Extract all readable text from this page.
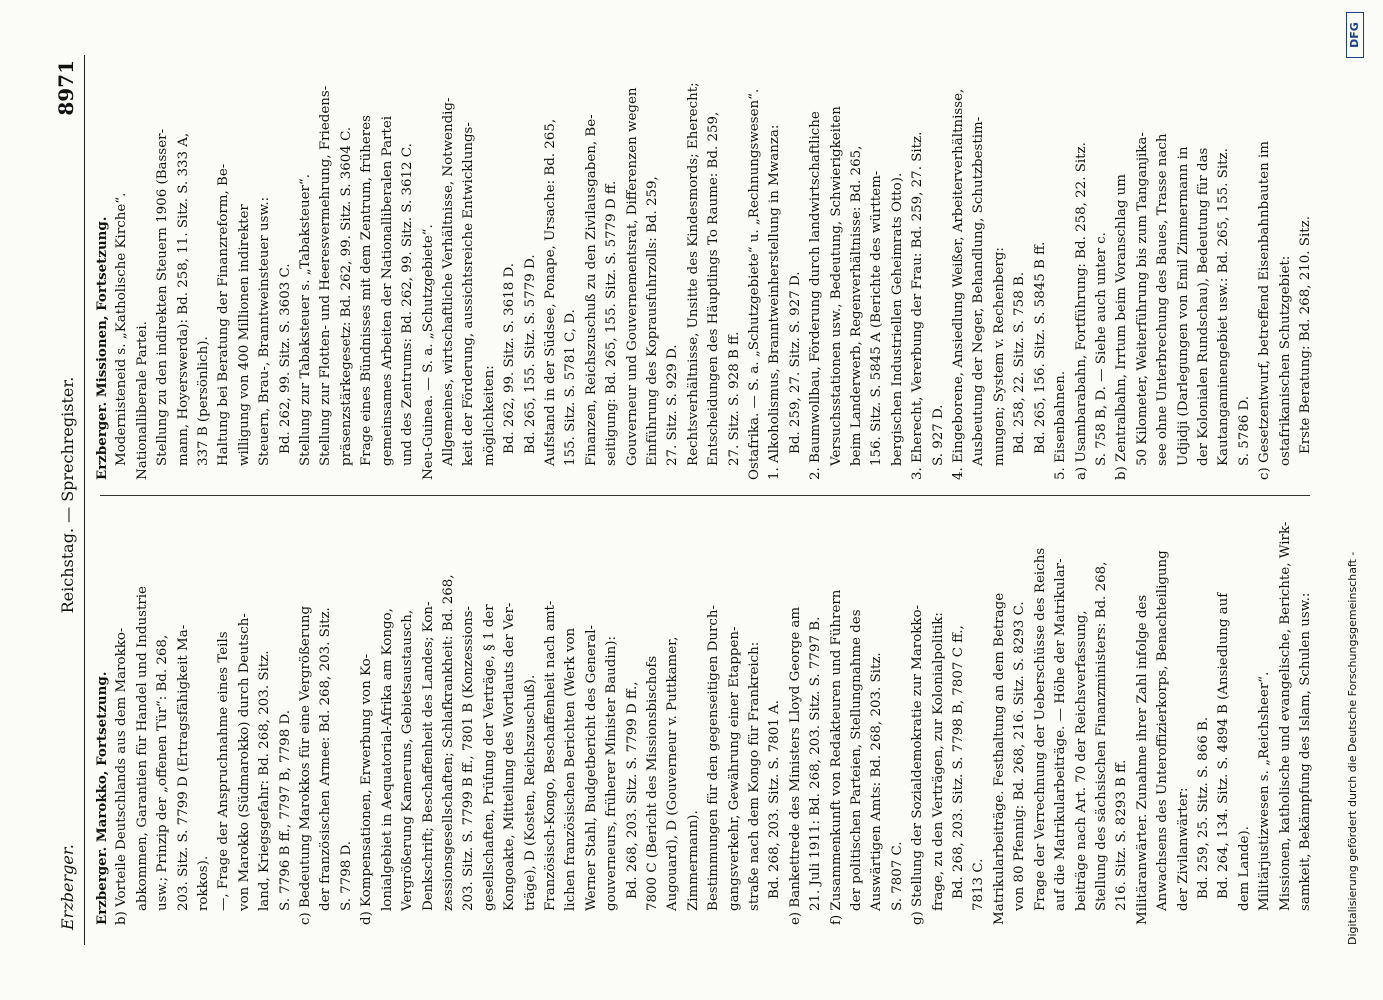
Erzberger.
Reichstag. — Sprechregister.
8971
Erzberger. Marokko, Fortsetzung. b) Vorteile Deutschlands aus dem Marokko- abkommen, Garantien für Handel und Industrie usw.; Prinzip der „offenen Tür“: Bd. 268, 203. Sitz. S. 7799 D (Ertragsfähigkeit Ma- rokkos). —, Frage der Anspruchnahme eines Teils von Marokko (Südmarokko) durch Deutsch- land, Kriegsgefahr: Bd. 268, 203. Sitz. S. 7796 B ff., 7797 B, 7798 D. c) Bedeutung Marokkos für eine Vergrößerung der französischen Armee: Bd. 268, 203. Sitz. S. 7798 D. d) Kompensationen, Erwerbung von Ko- lonialgebiet in Aequatorial-Afrika am Kongo, Vergrößerung Kameruns, Gebietsaustausch, Denkschrift; Beschaffenheit des Landes; Kon- zessionsgesellschaften; Schlafkrankheit: Bd. 268, 203. Sitz. S. 7799 B ff., 7801 B (Konzessions- gesellschaften, Prüfung der Verträge, § 1 der Kongoakte, Mitteilung des Wortlauts der Ver- träge), D (Kosten, Reichszuschuß). Französisch-Kongo, Beschaffenheit nach amt- lichen französischen Berichten (Werk von Werner Stahl, Budgetbericht des General- gouverneurs, früherer Minister Baudin): Bd. 268, 203. Sitz. S. 7799 D ff., 7800 C (Bericht des Missionsbischofs Augouard), D (Gouverneur v. Puttkamer, Zimmermann). Bestimmungen für den gegenseitigen Durch- gangsverkehr, Gewährung einer Etappen- straße nach dem Kongo für Frankreich: Bd. 268, 203. Sitz. S. 7801 A. e) Bankettrede des Ministers Lloyd George am 21. Juli 1911: Bd. 268, 203. Sitz. S. 7797 B. f) Zusammenkunft von Redakteuren und Führern der politischen Parteien, Stellungnahme des Auswärtigen Amts: Bd. 268, 203. Sitz. S. 7807 C. g) Stellung der Sozialdemokratie zur Marokko- frage, zu den Verträgen, zur Kolonialpolitik: Bd. 268, 203. Sitz. S. 7798 B, 7807 C ff., 7813 C. Matrikularbeiträge. Festhaltung an dem Betrage von 80 Pfennig: Bd. 268, 216. Sitz. S. 8293 C. Frage der Verrechnung der Ueberschüsse des Reichs auf die Matrikularbeiträge. — Höhe der Matrikular- beiträge nach Art. 70 der Reichsverfassung, Stellung des sächsischen Finanzministers: Bd. 268, 216. Sitz. S. 8293 B ff. Militäranwärter. Zunahme ihrer Zahl infolge des Anwachsens des Unteroffizierkorps, Benachteiligung der Zivilanwärter: Bd. 259, 25. Sitz. S. 866 B. Bd. 264, 134. Sitz. S. 4894 B (Ansiedlung auf dem Lande). Militärjustizwesen s. „Reichsheer“. Missionen, katholische und evangelische, Berichte, Wirk- samkeit, Bekämpfung des Islam, Schulen usw.:
Erzberger. Missionen, Fortsetzung. Modernisteneid s. „Katholische Kirche“. Nationalliberale Partei. Stellung zu den indirekten Steuern 1906 (Basser- mann, Hoyerswerda): Bd. 258, 11. Sitz. S. 333 A, 337 B (persönlich). Haltung bei Beratung der Finanzreform, Be- willigung von 400 Millionen indirekter Steuern, Brau-, Branntweinsteuer usw.: Bd. 262, 99. Sitz. S. 3603 C. Stellung zur Tabaksteuer s. „Tabaksteuer“. Stellung zur Flotten- und Heeresvermehrung, Friedens- präsenzstärkegesetz: Bd. 262, 99. Sitz. S. 3604 C. Frage eines Bündnisses mit dem Zentrum, früheres gemeinsames Arbeiten der Nationalliberalen Partei und des Zentrums: Bd. 262, 99. Sitz. S. 3612 C. Neu-Guinea. — S. a. „Schutzgebiete“. Allgemeines, wirtschaftliche Verhältnisse, Notwendig- keit der Förderung, aussichtsreiche Entwicklungs- möglichkeiten: Bd. 262, 99. Sitz. S. 3618 D. Bd. 265, 155. Sitz. S. 5779 D. Aufstand in der Südsee, Ponape, Ursache: Bd. 265, 155. Sitz. S. 5781 C, D. Finanzen, Reichszuschuß zu den Zivilausgaben, Be- seitigung: Bd. 265, 155. Sitz. S. 5779 D ff. Gouverneur und Gouvernementsrat, Differenzen wegen Einführung des Koprausfuhrzolls: Bd. 259, 27. Sitz. S. 929 D. Rechtsverhältnisse, Unsitte des Kindesmords; Eherecht; Entscheidungen des Häuptlings To Raume: Bd. 259, 27. Sitz. S. 928 B ff. Ostafrika. — S. a. „Schutzgebiete“ u. „Rechnungswesen“. 1. Alkoholismus, Branntweinherstellung in Mwanza: Bd. 259, 27. Sitz. S. 927 D. 2. Baumwollbau, Förderung durch landwirtschaftliche Versuchsstationen usw., Bedeutung, Schwierigkeiten beim Landerwerb, Regenverhältnisse: Bd. 265, 156. Sitz. S. 5845 A (Berichte des württem- bergischen Industriellen Geheimrats Otto). 3. Eherecht, Vererbung der Frau: Bd. 259, 27. Sitz. S. 927 D. 4. Eingeborene, Ansiedlung Weißer, Arbeiterverhältnisse, Ausbeutung der Neger, Behandlung, Schutzbestim- mungen; System v. Rechenberg: Bd. 258, 22. Sitz. S. 758 B. Bd. 265, 156. Sitz. S. 5845 B ff. 5. Eisenbahnen. a) Usambarabahn, Fortführung: Bd. 258, 22. Sitz. S. 758 B, D. — Siehe auch unter c. b) Zentralbahn, Irrtum beim Voranschlag um 50 Kilometer, Weiterführung bis zum Tanganjika- see ohne Unterbrechung des Baues, Trasse nach Udjidji (Darlegungen von Emil Zimmermann in der Kolonialen Rundschau), Bedeutung für das Kautangaminengebiet usw.: Bd. 265, 155. Sitz. S. 5786 D. c) Gesetzentwurf, betreffend Eisenbahnbauten im ostafrikanischen Schutzgebiet: Erste Beratung: Bd. 268, 210. Sitz.
Digitalisierung gefördert durch die Deutsche Forschungsgemeinschaft -
DFG
